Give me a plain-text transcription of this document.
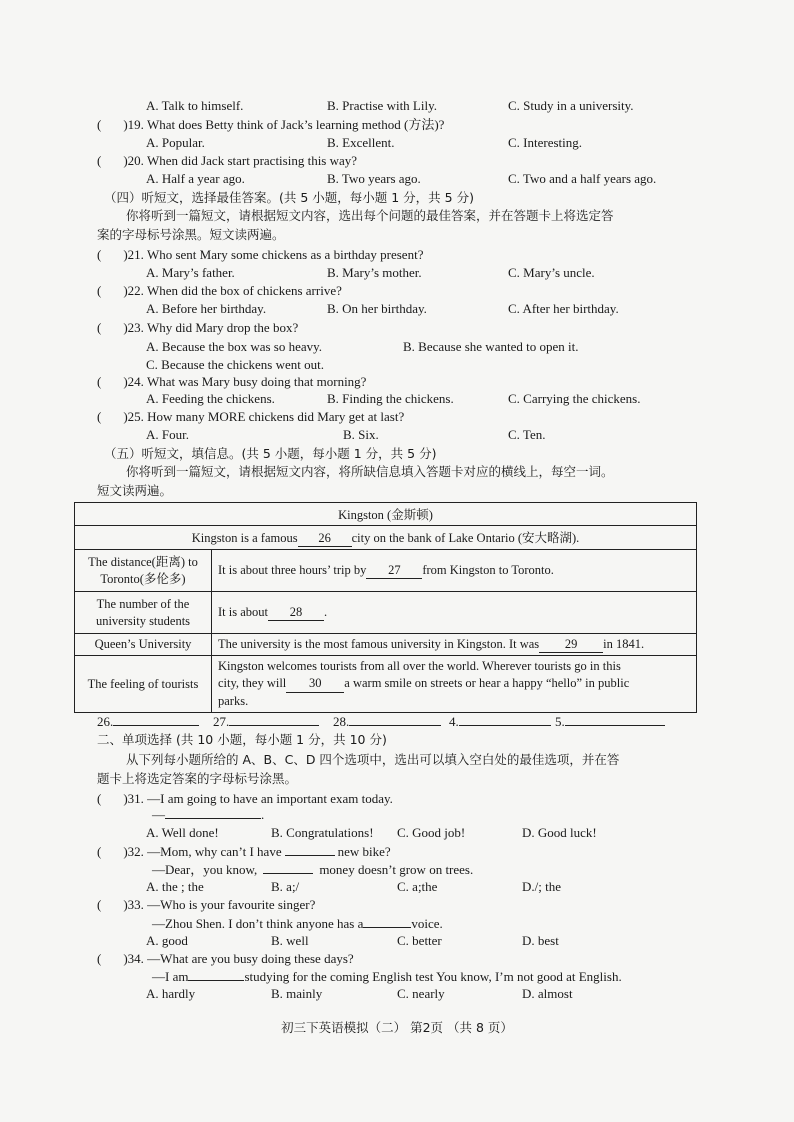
A. Talk to himself.	B. Practise with Lily.	C. Study in a university.
( )19. What does Betty think of Jack’s learning method (方法)?
A. Popular.	B. Excellent.	C. Interesting.
( )20. When did Jack start practising this way?
A. Half a year ago.	B. Two years ago.	C. Two and a half years ago.
（四）听短文，选择最佳答案。(共 5 小题，每小题 1 分，共 5 分)
你将听到一篇短文，请根据短文内容，选出每个问题的最佳答案，并在答题卡上将选定答
案的字母标号涂黑。短文读两遍。
( )21. Who sent Mary some chickens as a birthday present?
A. Mary’s father.	B. Mary’s mother.	C. Mary’s uncle.
( )22. When did the box of chickens arrive?
A. Before her birthday.	B. On her birthday.	C. After her birthday.
( )23. Why did Mary drop the box?
A. Because the box was so heavy.	B. Because she wanted to open it.
C. Because the chickens went out.
( )24. What was Mary busy doing that morning?
A. Feeding the chickens.	B. Finding the chickens.	C. Carrying the chickens.
( )25. How many MORE chickens did Mary get at last?
A. Four.	B. Six.	C. Ten.
（五）听短文，填信息。(共 5 小题，每小题 1 分，共 5 分)
你将听到一篇短文，请根据短文内容，将所缺信息填入答题卡对应的横线上，每空一词。
短文读两遍。
Kingston (金斯顿)	
Kingston is a famous 26 city on the bank of Lake Ontario (安大略湖).	
The distance(距离) to
Toronto(多伦多)	It is about three hours’ trip by 27 from Kingston to Toronto.
The number of the
university students	It is about 28 .
Queen’s University	The university is the most famous university in Kingston. It was 29 in 1841.
The feeling of tourists	Kingston welcomes tourists from all over the world. Wherever tourists go in this
city, they will 30 a warm smile on streets or hear a happy “hello” in public
parks.
26.	27.	28.	4.	5.
二、单项选择 (共 10 小题，每小题 1 分，共 10 分)
从下列每小题所给的 A、B、C、D 四个选项中，选出可以填入空白处的最佳选项，并在答
题卡上将选定答案的字母标号涂黑。
( )31. —I am going to have an important exam today.
—	.
A. Well done!	B. Congratulations! C. Good job!	D. Good luck!
( )32. —Mom, why can’t I have	new bike?
—Dear，you know,	money doesn’t grow on trees.
A. the ; the	B. a;/	C. a;the	D./; the
( )33. —Who is your favourite singer?
—Zhou Shen. I don’t think anyone has a	voice.
A. good	B. well	C. better	D. best
( )34. —What are you busy doing these days?
—I am	studying for the coming English test You know, I’m not good at English.
A. hardly	B. mainly	C. nearly	D. almost
初三下英语模拟（二） 第2页 （共 8 页）
